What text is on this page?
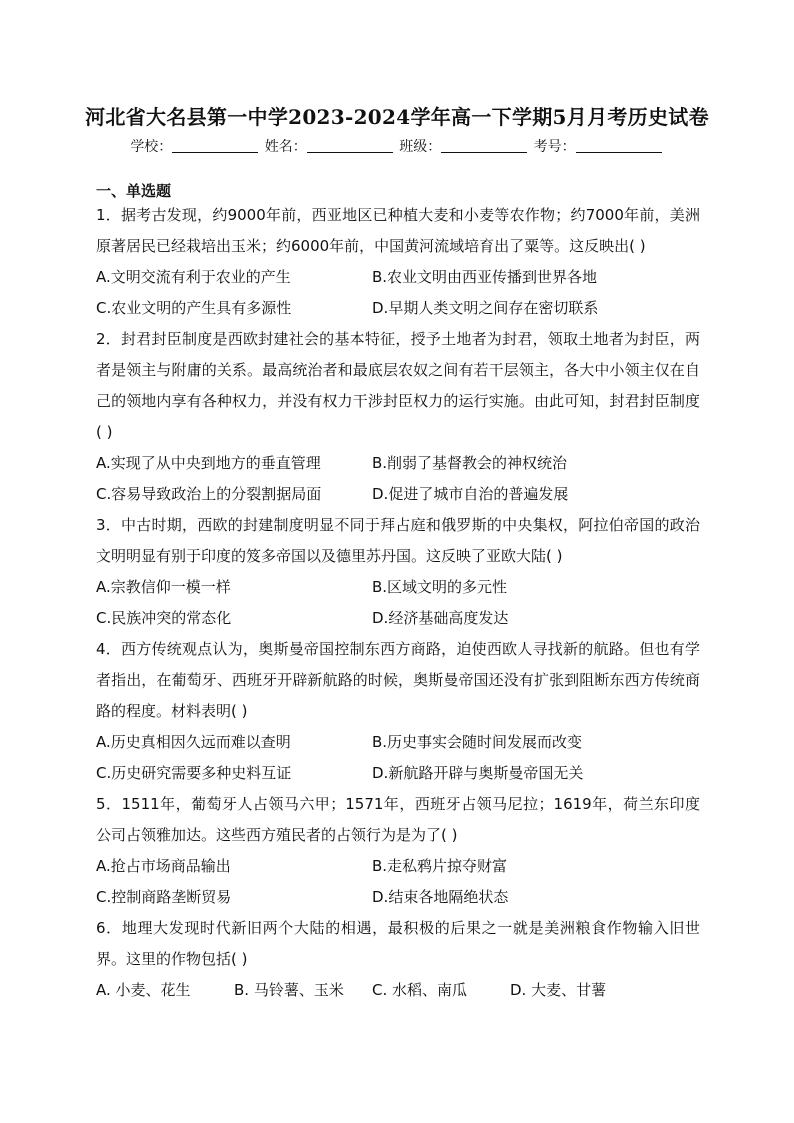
河北省大名县第一中学2023-2024学年高一下学期5月月考历史试卷
学校：	姓名：	班级：	考号：
一、单选题

1．据考古发现，约9000年前，西亚地区已种植大麦和小麦等农作物；约7000年前，美洲原著居民已经栽培出玉米；约6000年前，中国黄河流域培育出了粟等。这反映出( )

A.文明交流有利于农业的产生	B.农业文明由西亚传播到世界各地
C.农业文明的产生具有多源性	D.早期人类文明之间存在密切联系

2．封君封臣制度是西欧封建社会的基本特征，授予土地者为封君，领取土地者为封臣，两者是领主与附庸的关系。最高统治者和最底层农奴之间有若干层领主，各大中小领主仅在自己的领地内享有各种权力，并没有权力干涉封臣权力的运行实施。由此可知，封君封臣制度( )

A.实现了从中央到地方的垂直管理	B.削弱了基督教会的神权统治
C.容易导致政治上的分裂割据局面	D.促进了城市自治的普遍发展

3．中古时期，西欧的封建制度明显不同于拜占庭和俄罗斯的中央集权，阿拉伯帝国的政治文明明显有别于印度的笈多帝国以及德里苏丹国。这反映了亚欧大陆( )

A.宗教信仰一模一样	B.区域文明的多元性
C.民族冲突的常态化	D.经济基础高度发达

4．西方传统观点认为，奥斯曼帝国控制东西方商路，迫使西欧人寻找新的航路。但也有学者指出，在葡萄牙、西班牙开辟新航路的时候，奥斯曼帝国还没有扩张到阻断东西方传统商路的程度。材料表明( )

A.历史真相因久远而难以查明	B.历史事实会随时间发展而改变
C.历史研究需要多种史料互证	D.新航路开辟与奥斯曼帝国无关

5．1511年，葡萄牙人占领马六甲；1571年，西班牙占领马尼拉；1619年，荷兰东印度公司占领雅加达。这些西方殖民者的占领行为是为了( )

A.抢占市场商品输出	B.走私鸦片掠夺财富
C.控制商路垄断贸易	D.结束各地隔绝状态

6．地理大发现时代新旧两个大陆的相遇，最积极的后果之一就是美洲粮食作物输入旧世界。这里的作物包括( )

A. 小麦、花生	B. 马铃薯、玉米	C. 水稻、南瓜	D. 大麦、甘薯
